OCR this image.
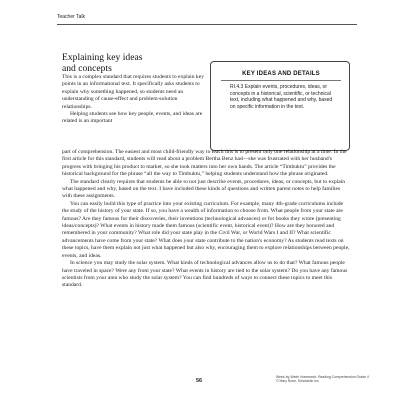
Teacher Talk
Explaining key ideas
and concepts

This is a complex standard that requires students to explain key points in an informational text. It specifically asks students to explain why something happened, so students need an understanding of cause-effect and problem-solution relationships.

Helping students see how key people, events, and ideas are related is an important

KEY IDEAS AND DETAILS
RI.4.3 Explain events, procedures, ideas, or concepts in a historical, scientific, or technical text, including what happened and why, based on specific information in the text.

part of comprehension. The easiest and most child-friendly way to teach this is to present only one relationship at a time. In the first article for this standard, students will read about a problem Bertha Benz had—she was frustrated with her husband's progress with bringing his product to market, so she took matters into her own hands. The article “Timbuktu” provides the historical background for the phrase “all the way to Timbuktu,” helping students understand how the phrase originated.

The standard clearly requires that students be able to not just describe events, procedures, ideas, or concepts, but to explain what happened and why, based on the text. I have included these kinds of questions and written parent notes to help families with these assignments.

You can easily build this type of practice into your existing curriculum. For example, many 4th-grade curriculums include the study of the history of your state. If so, you have a wealth of information to choose from. What people from your state are famous? Are they famous for their discoveries, their inventions (technological advances) or for books they wrote (presenting ideas/concepts)? What events in history made them famous (scientific event, historical event)? How are they honored and remembered in your community? What role did your state play in the Civil War, or World Wars I and II? What scientific advancements have come from your state? What does your state contribute to the nation's economy? As students read texts on these topics, have them explain not just what happened but also why, encouraging them to explore relationships between people, events, and ideas.

In science you may study the solar system. What kinds of technological advances allow us to do that? What famous people have traveled in space? Were any from your state? What events in history are tied to the solar system? Do you have any famous scientists from your area who study the solar system? You can find hundreds of ways to connect these topics to meet this standard.

56
Week-by-Week Homework: Reading Comprehension Grade 4
© Mary Rose, Scholastic Inc.
